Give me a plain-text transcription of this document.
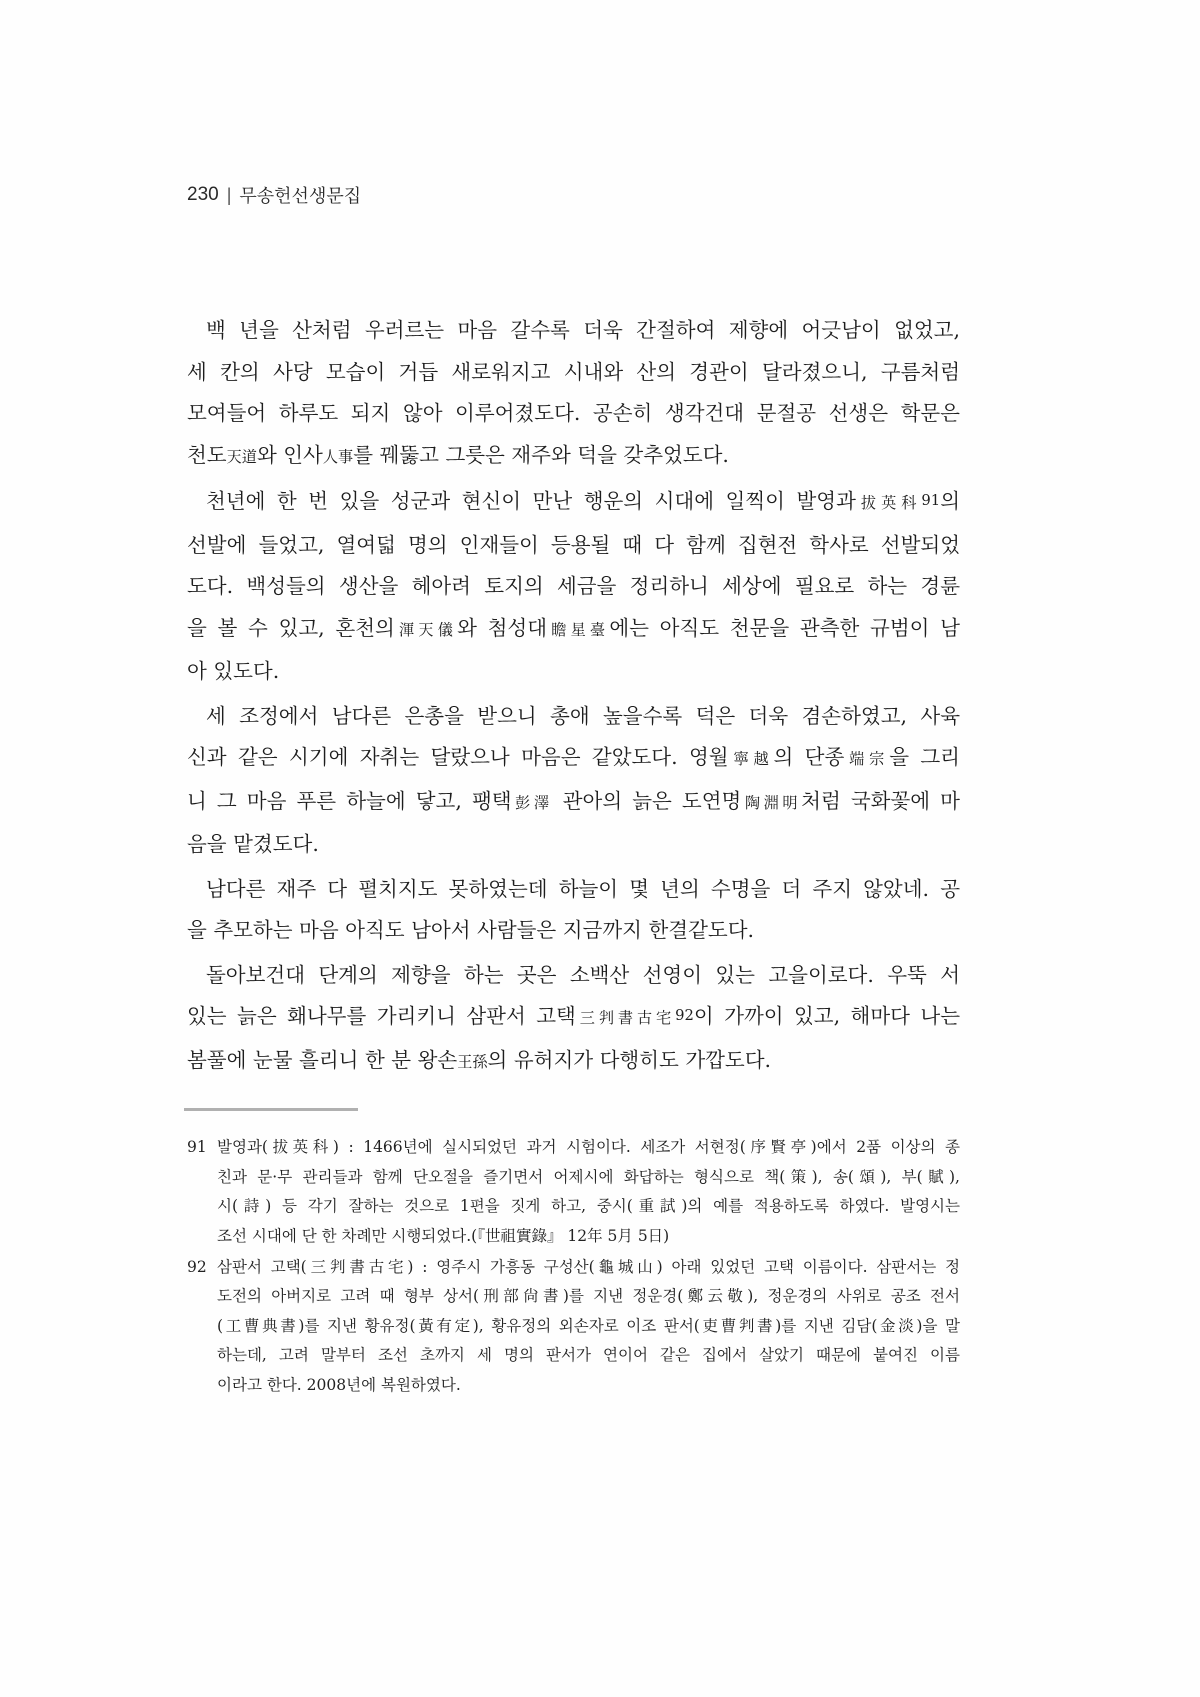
230 | 무송헌선생문집
백 년을 산처럼 우러르는 마음 갈수록 더욱 간절하여 제향에 어긋남이 없었고,
세 칸의 사당 모습이 거듭 새로워지고 시내와 산의 경관이 달라졌으니, 구름처럼
모여들어 하루도 되지 않아 이루어졌도다. 공손히 생각건대 문절공 선생은 학문은
천도天道와 인사人事를 꿰뚫고 그릇은 재주와 덕을 갖추었도다.
천년에 한 번 있을 성군과 현신이 만난 행운의 시대에 일찍이 발영과拔英科91의
선발에 들었고, 열여덟 명의 인재들이 등용될 때 다 함께 집현전 학사로 선발되었
도다. 백성들의 생산을 헤아려 토지의 세금을 정리하니 세상에 필요로 하는 경륜
을 볼 수 있고, 혼천의渾天儀와 첨성대瞻星臺에는 아직도 천문을 관측한 규범이 남
아 있도다.
세 조정에서 남다른 은총을 받으니 총애 높을수록 덕은 더욱 겸손하였고, 사육
신과 같은 시기에 자취는 달랐으나 마음은 같았도다. 영월寧越의 단종端宗을 그리
니 그 마음 푸른 하늘에 닿고, 팽택彭澤 관아의 늙은 도연명陶淵明처럼 국화꽃에 마
음을 맡겼도다.
남다른 재주 다 펼치지도 못하였는데 하늘이 몇 년의 수명을 더 주지 않았네. 공
을 추모하는 마음 아직도 남아서 사람들은 지금까지 한결같도다.
돌아보건대 단계의 제향을 하는 곳은 소백산 선영이 있는 고을이로다. 우뚝 서
있는 늙은 홰나무를 가리키니 삼판서 고택三判書古宅92이 가까이 있고, 해마다 나는
봄풀에 눈물 흘리니 한 분 왕손王孫의 유허지가 다행히도 가깝도다.
91 발영과(拔英科) : 1466년에 실시되었던 과거 시험이다. 세조가 서현정(序賢亭)에서 2품 이상의 종
친과 문·무 관리들과 함께 단오절을 즐기면서 어제시에 화답하는 형식으로 책(策), 송(頌), 부(賦),
시(詩) 등 각기 잘하는 것으로 1편을 짓게 하고, 중시(重試)의 예를 적용하도록 하였다. 발영시는
조선 시대에 단 한 차례만 시행되었다.(『世祖實錄』 12年 5月 5日)
92 삼판서 고택(三判書古宅) : 영주시 가흥동 구성산(龜城山) 아래 있었던 고택 이름이다. 삼판서는 정
도전의 아버지로 고려 때 형부 상서(刑部尙書)를 지낸 정운경(鄭云敬), 정운경의 사위로 공조 전서
(工曹典書)를 지낸 황유정(黃有定), 황유정의 외손자로 이조 판서(吏曹判書)를 지낸 김담(金淡)을 말
하는데, 고려 말부터 조선 초까지 세 명의 판서가 연이어 같은 집에서 살았기 때문에 붙여진 이름
이라고 한다. 2008년에 복원하였다.
